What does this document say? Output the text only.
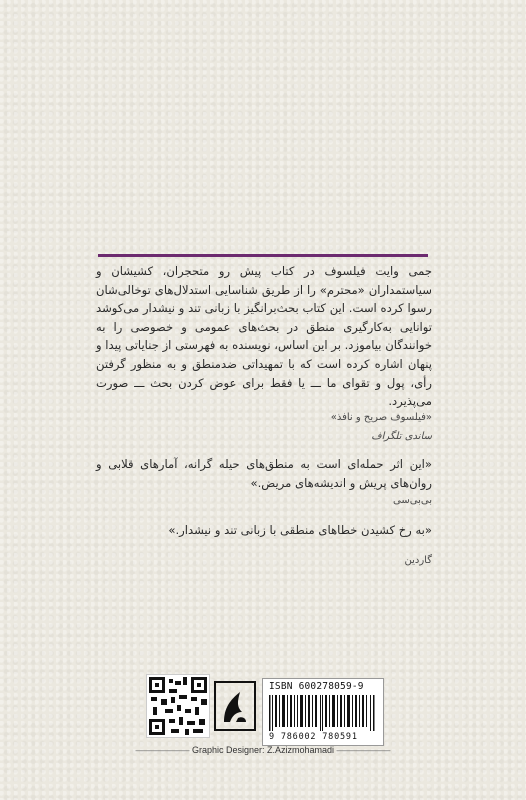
جمی وایت فیلسوف در کتاب پیش رو متحجران، کشیشان و سیاستمداران «محترم» را از طریق شناسایی استدلال‌های توخالی‌شان رسوا کرده است. این کتاب بحث‌برانگیز با زبانی تند و نیشدار می‌کوشد توانایی به‌کارگیری منطق در بحث‌های عمومی و خصوصی را به خوانندگان بیاموزد. بر این اساس، نویسنده به فهرستی از جنایاتی پیدا و پنهان اشاره کرده است که با تمهیداتی ضدمنطق و به منظور گرفتن رأی، پول و تقوای ما ـــ یا فقط برای عوض کردن بحث ـــ صورت می‌پذیرد.
«فیلسوف صریح و نافذ»
ساندی تلگراف
«این اثر حمله‌ای است به منطق‌های حیله گرانه، آمارهای قلابی و روان‌های پریش و اندیشه‌های مریض.»
بی‌بی‌سی
«به رخ کشیدن خطاهای منطقی با زبانی تند و نیشدار.»
گاردین
ISBN 600278059-9
9 786002 780591
—————— Graphic Designer: Z.Azizmohamadi ——————
